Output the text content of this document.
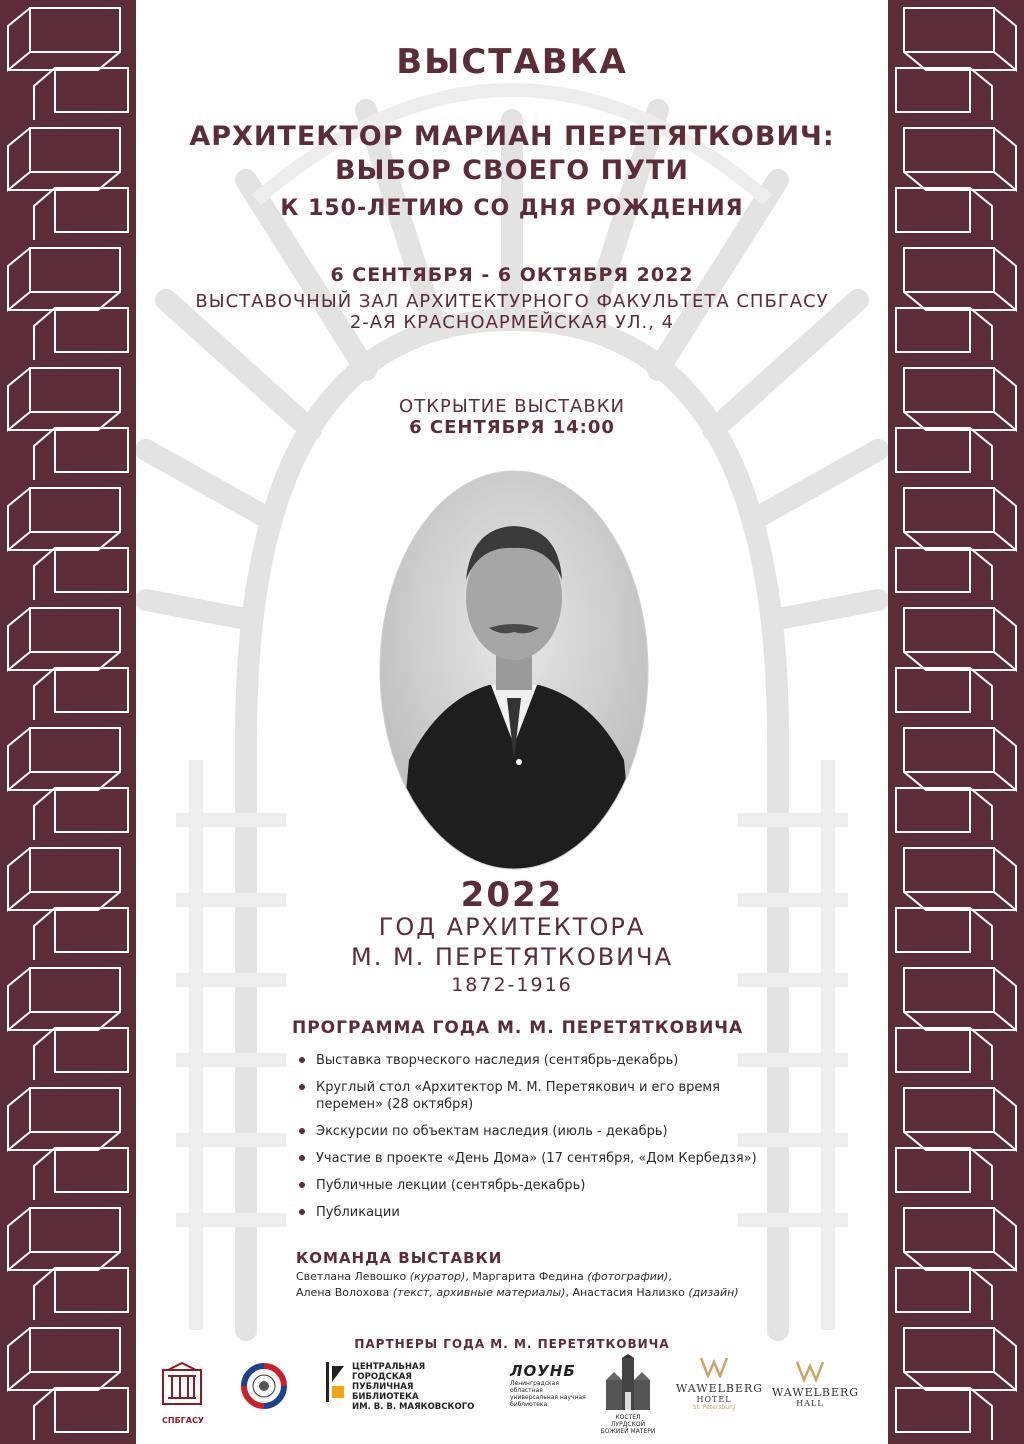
ВЫСТАВКА
АРХИТЕКТОР МАРИАН ПЕРЕТЯТКОВИЧ:
ВЫБОР СВОЕГО ПУТИ
К 150-ЛЕТИЮ СО ДНЯ РОЖДЕНИЯ
6 СЕНТЯБРЯ - 6 ОКТЯБРЯ 2022
ВЫСТАВОЧНЫЙ ЗАЛ АРХИТЕКТУРНОГО ФАКУЛЬТЕТА СПБГАСУ
2-АЯ КРАСНОАРМЕЙСКАЯ УЛ., 4
ОТКРЫТИЕ ВЫСТАВКИ
6 СЕНТЯБРЯ 14:00
2022
ГОД АРХИТЕКТОРА
М. М. ПЕРЕТЯТКОВИЧА
1872-1916
ПРОГРАММА ГОДА М. М. ПЕРЕТЯТКОВИЧА
Выставка творческого наследия (сентябрь-декабрь)
Круглый стол «Архитектор М. М. Перетякович и его время перемен» (28 октября)
Экскурсии по объектам наследия (июль - декабрь)
Участие в проекте «День Дома» (17 сентября, «Дом Кербедзя»)
Публичные лекции (сентябрь-декабрь)
Публикации
КОМАНДА ВЫСТАВКИ
Светлана Левошко (куратор), Маргарита Федина (фотографии),
Алена Волохова (текст, архивные материалы), Анастасия Нализко (дизайн)
ПАРТНЕРЫ ГОДА М. М. ПЕРЕТЯТКОВИЧА
СПБГАСУ
ЦЕНТРАЛЬНАЯ
ГОРОДСКАЯ ПУБЛИЧНАЯ
БИБЛИОТЕКА
ИМ. В. В. МАЯКОВСКОГО
ЛОУНБ
Ленинградская областная
универсальная научная
библиотека
КОСТЕЛ ЛУРДСКОЙ
БОЖИЕЙ МАТЕРИ
WAWELBERG
HOTEL
St. Petersburg
WAWELBERG
HALL
